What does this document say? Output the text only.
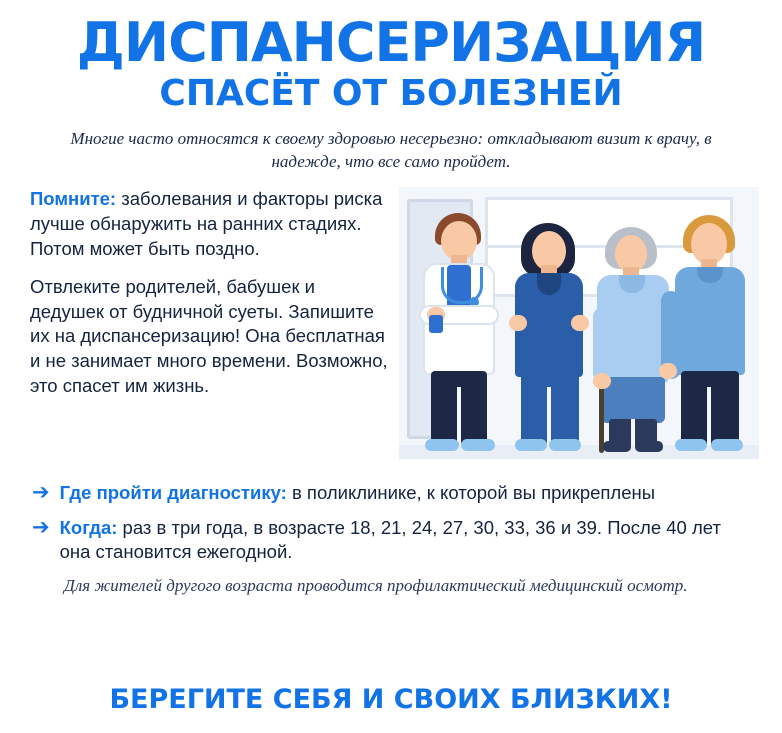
ДИСПАНСЕРИЗАЦИЯ
СПАСЁТ ОТ БОЛЕЗНЕЙ
Многие часто относятся к своему здоровью несерьезно: откладывают визит к врачу, в надежде, что все само пройдет.

Помните: заболевания и факторы риска лучше обнаружить на ранних стадиях. Потом может быть поздно.

Отвлеките родителей, бабушек и дедушек от будничной суеты. Запишите их на диспансеризацию! Она бесплатная и не занимает много времени. Возможно, это спасет им жизнь.

➔ Где пройти диагностику: в поликлинике, к которой вы прикреплены
➔ Когда: раз в три года, в возрасте 18, 21, 24, 27, 30, 33, 36 и 39. После 40 лет она становится ежегодной.
Для жителей другого возраста проводится профилактический медицинский осмотр.
БЕРЕГИТЕ СЕБЯ И СВОИХ БЛИЗКИХ!
